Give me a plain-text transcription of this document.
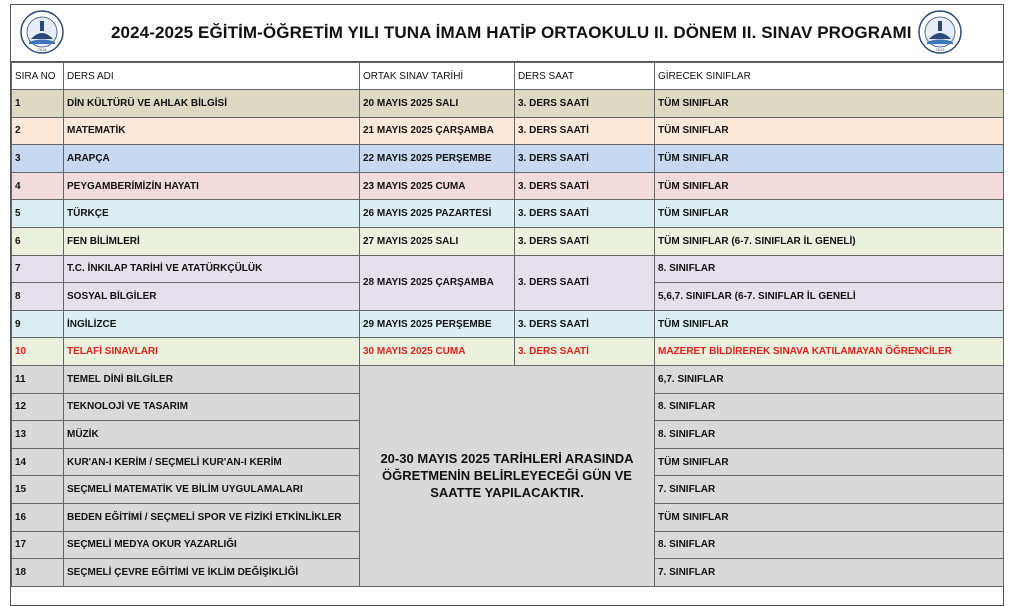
2015
2024-2025 EĞİTİM-ÖĞRETİM YILI TUNA İMAM HATİP ORTAOKULU II. DÖNEM II. SINAV PROGRAMI
2015
SIRA NO	DERS ADI	ORTAK SINAV TARİHİ	DERS SAAT	GİRECEK SINIFLAR
1	DİN KÜLTÜRÜ VE AHLAK BİLGİSİ	20 MAYIS 2025 SALI	3. DERS SAATİ	TÜM SINIFLAR
2	MATEMATİK	21 MAYIS 2025 ÇARŞAMBA	3. DERS SAATİ	TÜM SINIFLAR
3	ARAPÇA	22 MAYIS 2025 PERŞEMBE	3. DERS SAATİ	TÜM SINIFLAR
4	PEYGAMBERİMİZİN HAYATI	23 MAYIS 2025 CUMA	3. DERS SAATİ	TÜM SINIFLAR
5	TÜRKÇE	26 MAYIS 2025 PAZARTESİ	3. DERS SAATİ	TÜM SINIFLAR
6	FEN BİLİMLERİ	27 MAYIS 2025 SALI	3. DERS SAATİ	TÜM SINIFLAR (6-7. SINIFLAR İL GENELİ)
7	T.C. İNKILAP TARİHİ VE ATATÜRKÇÜLÜK	28 MAYIS 2025 ÇARŞAMBA	3. DERS SAATİ	8. SINIFLAR
8	SOSYAL BİLGİLER			5,6,7. SINIFLAR (6-7. SINIFLAR İL GENELİ
9	İNGİLİZCE	29 MAYIS 2025 PERŞEMBE	3. DERS SAATİ	TÜM SINIFLAR
10	TELAFİ SINAVLARI	30 MAYIS 2025 CUMA	3. DERS SAATİ	MAZERET BİLDİREREK SINAVA KATILAMAYAN ÖĞRENCİLER
11	TEMEL DİNİ BİLGİLER	20-30 MAYIS 2025 TARİHLERİ ARASINDA ÖĞRETMENİN BELİRLEYECEĞİ GÜN VE SAATTE YAPILACAKTIR.		6,7. SINIFLAR
12	TEKNOLOJİ VE TASARIM			8. SINIFLAR
13	MÜZİK			8. SINIFLAR
14	KUR'AN-I KERİM / SEÇMELİ KUR'AN-I KERİM			TÜM SINIFLAR
15	SEÇMELİ MATEMATİK VE BİLİM UYGULAMALARI			7. SINIFLAR
16	BEDEN EĞİTİMİ / SEÇMELİ SPOR VE FİZİKİ ETKİNLİKLER			TÜM SINIFLAR
17	SEÇMELİ MEDYA OKUR YAZARLIĞI			8. SINIFLAR
18	SEÇMELİ ÇEVRE EĞİTİMİ VE İKLİM DEĞİŞİKLİĞİ			7. SINIFLAR
